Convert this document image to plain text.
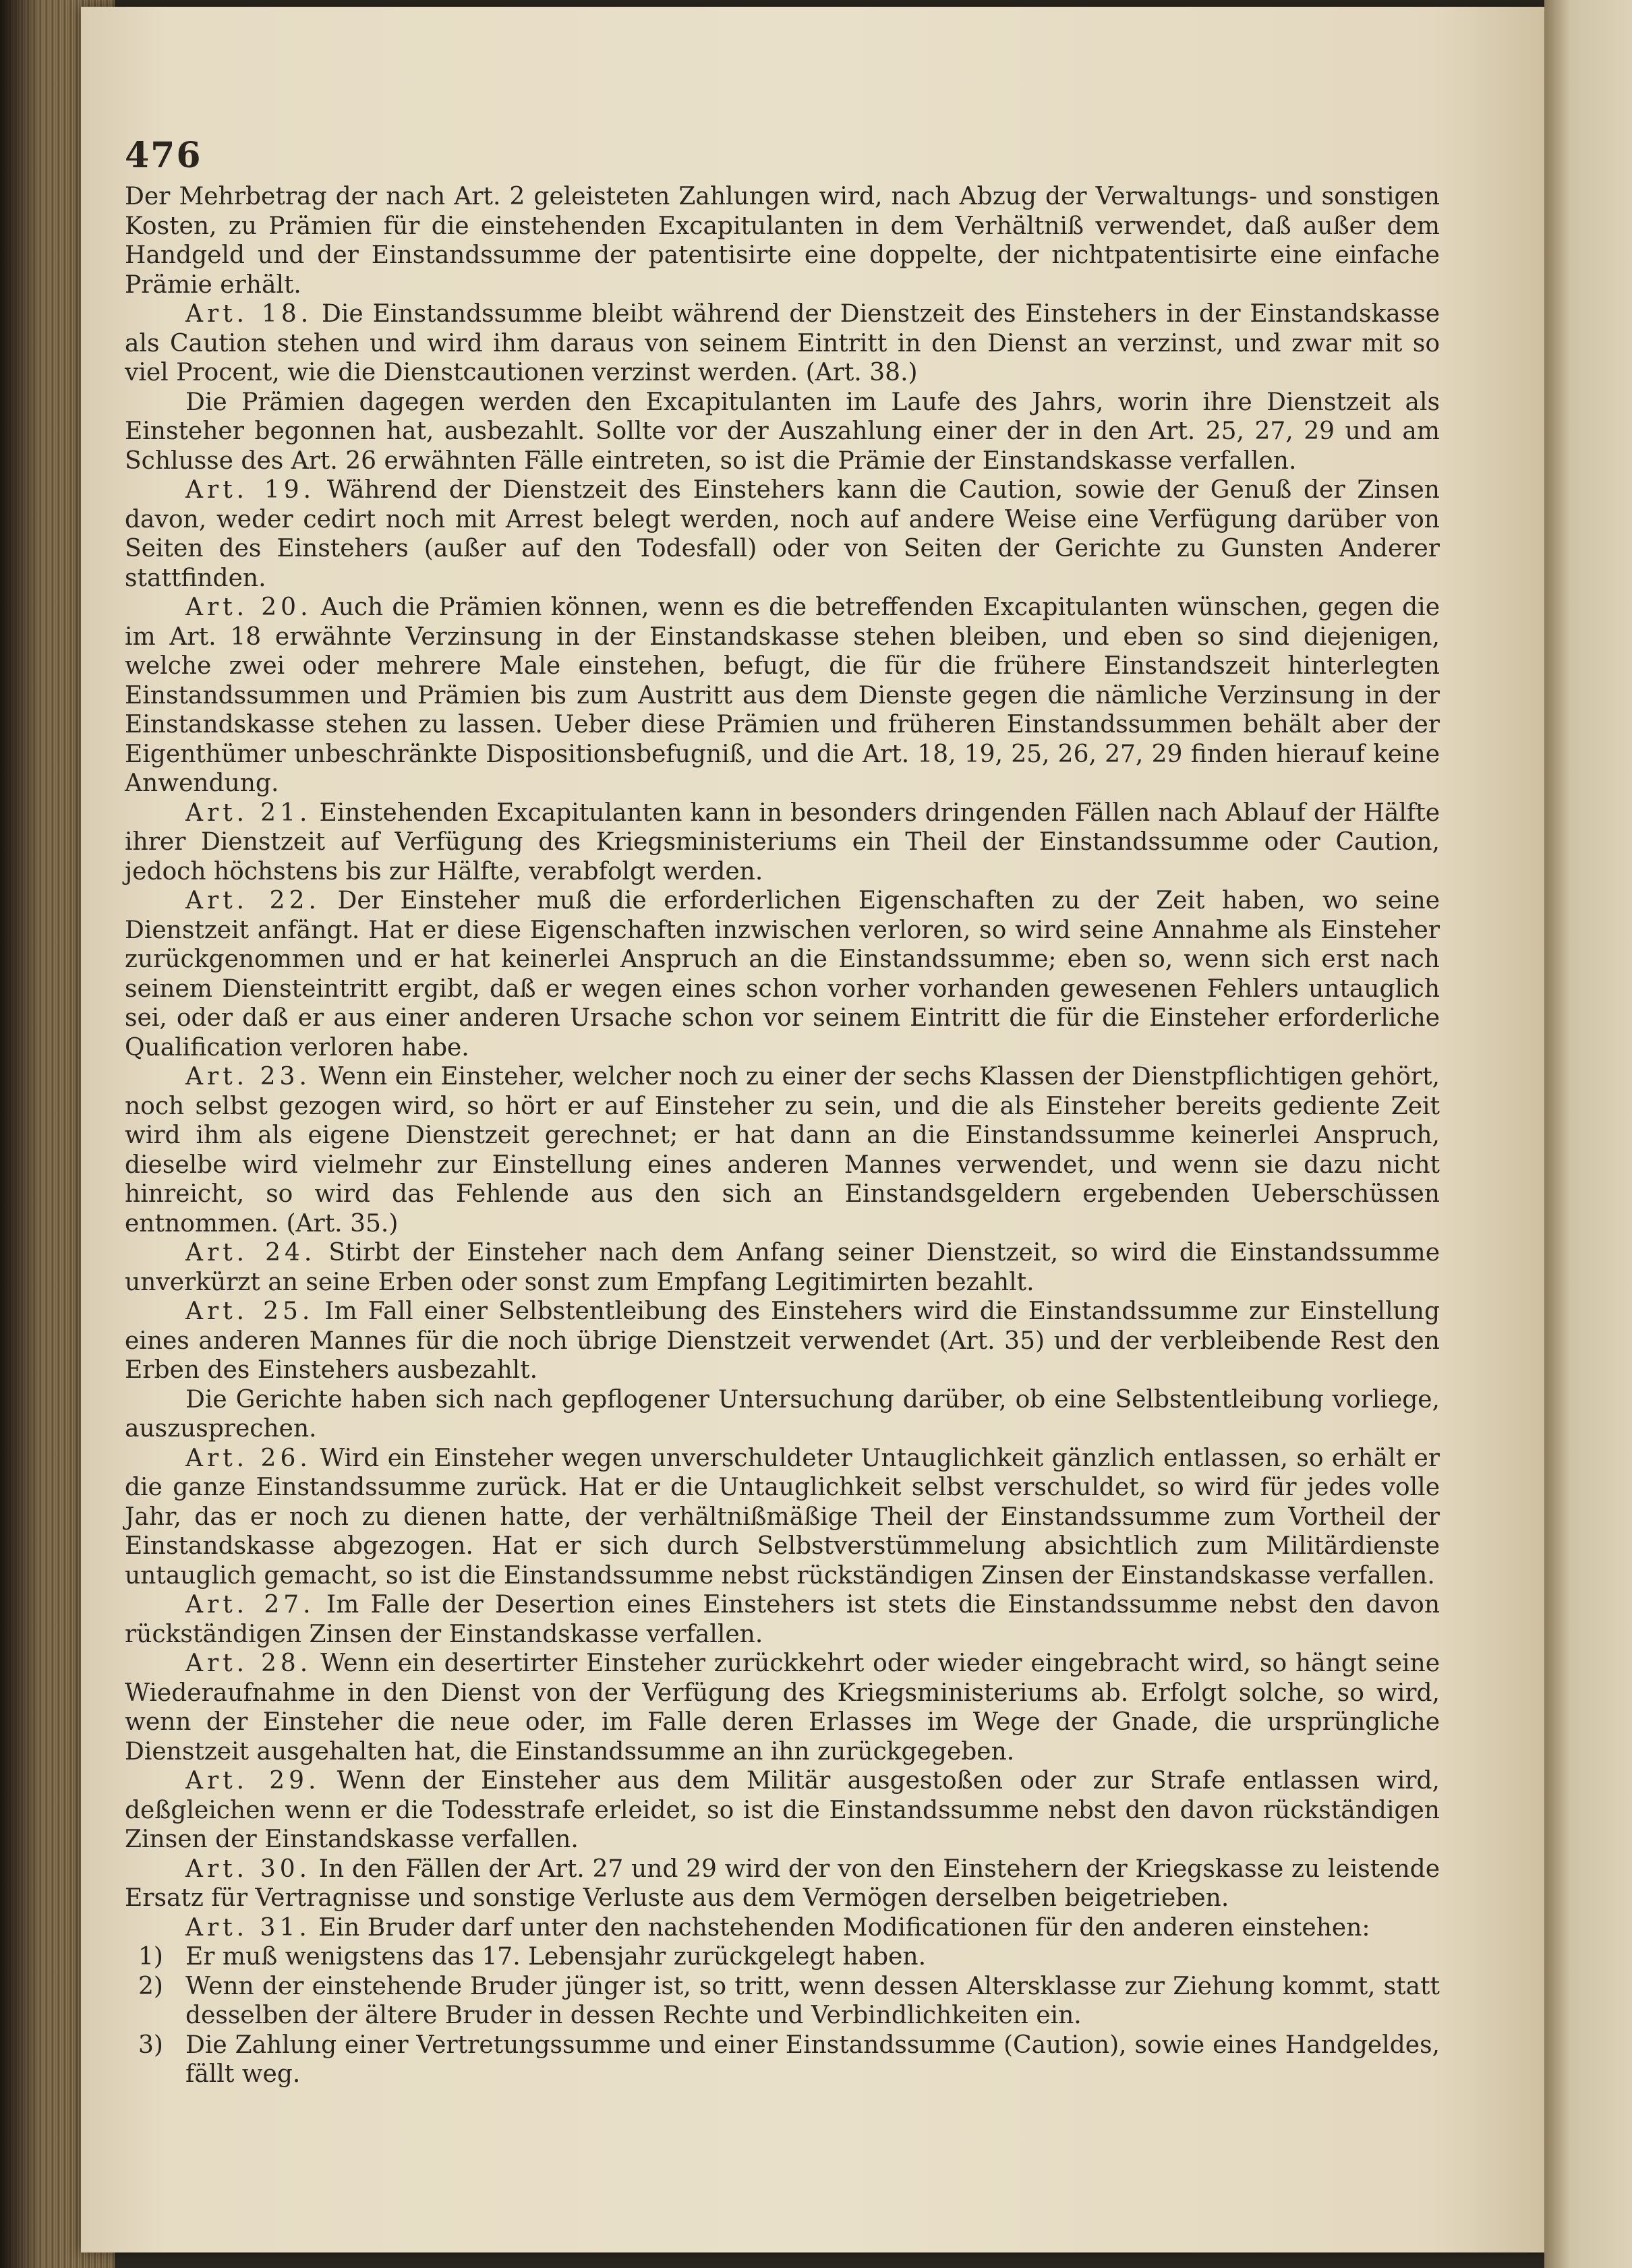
476

Der Mehrbetrag der nach Art. 2 geleisteten Zahlungen wird, nach Abzug der Verwaltungs- und sonstigen Kosten, zu Prämien für die einstehenden Excapitulanten in dem Verhältniß verwendet, daß außer dem Handgeld und der Einstandssumme der patentisirte eine doppelte, der nichtpatentisirte eine einfache Prämie erhält.

Art. 18. Die Einstandssumme bleibt während der Dienstzeit des Einstehers in der Einstandskasse als Caution stehen und wird ihm daraus von seinem Eintritt in den Dienst an verzinst, und zwar mit so viel Procent, wie die Dienstcautionen verzinst werden. (Art. 38.)

Die Prämien dagegen werden den Excapitulanten im Laufe des Jahrs, worin ihre Dienstzeit als Einsteher begonnen hat, ausbezahlt. Sollte vor der Auszahlung einer der in den Art. 25, 27, 29 und am Schlusse des Art. 26 erwähnten Fälle eintreten, so ist die Prämie der Einstandskasse verfallen.

Art. 19. Während der Dienstzeit des Einstehers kann die Caution, sowie der Genuß der Zinsen davon, weder cedirt noch mit Arrest belegt werden, noch auf andere Weise eine Verfügung darüber von Seiten des Einstehers (außer auf den Todesfall) oder von Seiten der Gerichte zu Gunsten Anderer stattfinden.

Art. 20. Auch die Prämien können, wenn es die betreffenden Excapitulanten wünschen, gegen die im Art. 18 erwähnte Verzinsung in der Einstandskasse stehen bleiben, und eben so sind diejenigen, welche zwei oder mehrere Male einstehen, befugt, die für die frühere Einstandszeit hinterlegten Einstandssummen und Prämien bis zum Austritt aus dem Dienste gegen die nämliche Verzinsung in der Einstandskasse stehen zu lassen. Ueber diese Prämien und früheren Einstandssummen behält aber der Eigenthümer unbeschränkte Dispositionsbefugniß, und die Art. 18, 19, 25, 26, 27, 29 finden hierauf keine Anwendung.

Art. 21. Einstehenden Excapitulanten kann in besonders dringenden Fällen nach Ablauf der Hälfte ihrer Dienstzeit auf Verfügung des Kriegsministeriums ein Theil der Einstandssumme oder Caution, jedoch höchstens bis zur Hälfte, verabfolgt werden.

Art. 22. Der Einsteher muß die erforderlichen Eigenschaften zu der Zeit haben, wo seine Dienstzeit anfängt. Hat er diese Eigenschaften inzwischen verloren, so wird seine Annahme als Einsteher zurückgenommen und er hat keinerlei Anspruch an die Einstandssumme; eben so, wenn sich erst nach seinem Diensteintritt ergibt, daß er wegen eines schon vorher vorhanden gewesenen Fehlers untauglich sei, oder daß er aus einer anderen Ursache schon vor seinem Eintritt die für die Einsteher erforderliche Qualification verloren habe.

Art. 23. Wenn ein Einsteher, welcher noch zu einer der sechs Klassen der Dienstpflichtigen gehört, noch selbst gezogen wird, so hört er auf Einsteher zu sein, und die als Einsteher bereits gediente Zeit wird ihm als eigene Dienstzeit gerechnet; er hat dann an die Einstandssumme keinerlei Anspruch, dieselbe wird vielmehr zur Einstellung eines anderen Mannes verwendet, und wenn sie dazu nicht hinreicht, so wird das Fehlende aus den sich an Einstandsgeldern ergebenden Ueberschüssen entnommen. (Art. 35.)

Art. 24. Stirbt der Einsteher nach dem Anfang seiner Dienstzeit, so wird die Einstandssumme unverkürzt an seine Erben oder sonst zum Empfang Legitimirten bezahlt.

Art. 25. Im Fall einer Selbstentleibung des Einstehers wird die Einstandssumme zur Einstellung eines anderen Mannes für die noch übrige Dienstzeit verwendet (Art. 35) und der verbleibende Rest den Erben des Einstehers ausbezahlt.

Die Gerichte haben sich nach gepflogener Untersuchung darüber, ob eine Selbstentleibung vorliege, auszusprechen.

Art. 26. Wird ein Einsteher wegen unverschuldeter Untauglichkeit gänzlich entlassen, so erhält er die ganze Einstandssumme zurück. Hat er die Untauglichkeit selbst verschuldet, so wird für jedes volle Jahr, das er noch zu dienen hatte, der verhältnißmäßige Theil der Einstandssumme zum Vortheil der Einstandskasse abgezogen. Hat er sich durch Selbstverstümmelung absichtlich zum Militärdienste untauglich gemacht, so ist die Einstandssumme nebst rückständigen Zinsen der Einstandskasse verfallen.

Art. 27. Im Falle der Desertion eines Einstehers ist stets die Einstandssumme nebst den davon rückständigen Zinsen der Einstandskasse verfallen.

Art. 28. Wenn ein desertirter Einsteher zurückkehrt oder wieder eingebracht wird, so hängt seine Wiederaufnahme in den Dienst von der Verfügung des Kriegsministeriums ab. Erfolgt solche, so wird, wenn der Einsteher die neue oder, im Falle deren Erlasses im Wege der Gnade, die ursprüngliche Dienstzeit ausgehalten hat, die Einstandssumme an ihn zurückgegeben.

Art. 29. Wenn der Einsteher aus dem Militär ausgestoßen oder zur Strafe entlassen wird, deßgleichen wenn er die Todesstrafe erleidet, so ist die Einstandssumme nebst den davon rückständigen Zinsen der Einstandskasse verfallen.

Art. 30. In den Fällen der Art. 27 und 29 wird der von den Einstehern der Kriegskasse zu leistende Ersatz für Vertragnisse und sonstige Verluste aus dem Vermögen derselben beigetrieben.

Art. 31. Ein Bruder darf unter den nachstehenden Modificationen für den anderen einstehen:

1) Er muß wenigstens das 17. Lebensjahr zurückgelegt haben.
2) Wenn der einstehende Bruder jünger ist, so tritt, wenn dessen Altersklasse zur Ziehung kommt, statt desselben der ältere Bruder in dessen Rechte und Verbindlichkeiten ein.
3) Die Zahlung einer Vertretungssumme und einer Einstandssumme (Caution), sowie eines Handgeldes, fällt weg.
